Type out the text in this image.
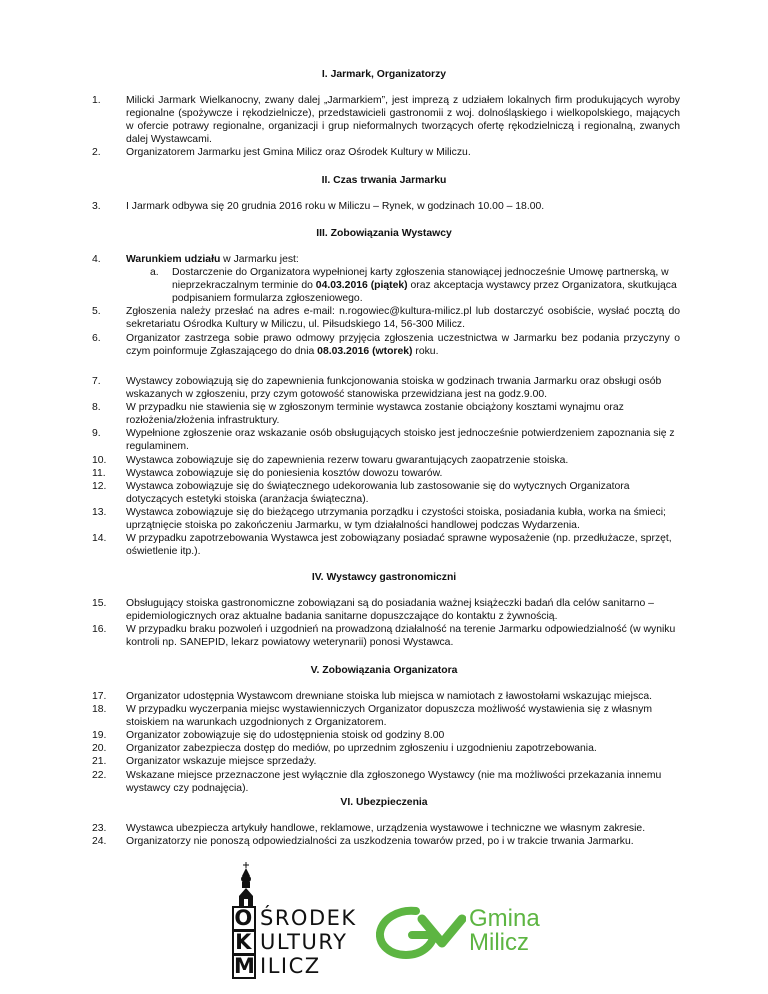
I. Jarmark, Organizatorzy
1. Milicki Jarmark Wielkanocny, zwany dalej „Jarmarkiem”, jest imprezą z udziałem lokalnych firm produkujących wyroby regionalne (spożywcze i rękodzielnicze), przedstawicieli gastronomii z woj. dolnośląskiego i wielkopolskiego, mających w ofercie potrawy regionalne, organizacji i grup nieformalnych tworzących ofertę rękodzielniczą i regionalną, zwanych dalej Wystawcami.
2. Organizatorem Jarmarku jest Gmina Milicz oraz Ośrodek Kultury w Miliczu.
II. Czas trwania Jarmarku
3. I Jarmark odbywa się 20 grudnia 2016 roku w Miliczu – Rynek, w godzinach 10.00 – 18.00.
III. Zobowiązania Wystawcy
4. Warunkiem udziału w Jarmarku jest:
a. Dostarczenie do Organizatora wypełnionej karty zgłoszenia stanowiącej jednocześnie Umowę partnerską, w nieprzekraczalnym terminie do 04.03.2016 (piątek) oraz akceptacja wystawcy przez Organizatora, skutkująca podpisaniem formularza zgłoszeniowego.
5. Zgłoszenia należy przesłać na adres e-mail: n.rogowiec@kultura-milicz.pl lub dostarczyć osobiście, wysłać pocztą do sekretariatu Ośrodka Kultury w Miliczu, ul. Piłsudskiego 14, 56-300 Milicz.
6. Organizator zastrzega sobie prawo odmowy przyjęcia zgłoszenia uczestnictwa w Jarmarku bez podania przyczyny o czym poinformuje Zgłaszającego do dnia 08.03.2016 (wtorek) roku.
7. Wystawcy zobowiązują się do zapewnienia funkcjonowania stoiska w godzinach trwania Jarmarku oraz obsługi osób wskazanych w zgłoszeniu, przy czym gotowość stanowiska przewidziana jest na godz.9.00.
8. W przypadku nie stawienia się w zgłoszonym terminie wystawca zostanie obciążony kosztami wynajmu oraz rozłożenia/złożenia infrastruktury.
9. Wypełnione zgłoszenie oraz wskazanie osób obsługujących stoisko jest jednocześnie potwierdzeniem zapoznania się z regulaminem.
10. Wystawca zobowiązuje się do zapewnienia rezerw towaru gwarantujących zaopatrzenie stoiska.
11. Wystawca zobowiązuje się do poniesienia kosztów dowozu towarów.
12. Wystawca zobowiązuje się do świątecznego udekorowania lub zastosowanie się do wytycznych Organizatora dotyczących estetyki stoiska (aranżacja świąteczna).
13. Wystawca zobowiązuje się do bieżącego utrzymania porządku i czystości stoiska, posiadania kubła, worka na śmieci; uprzątnięcie stoiska po zakończeniu Jarmarku, w tym działalności handlowej podczas Wydarzenia.
14. W przypadku zapotrzebowania Wystawca jest zobowiązany posiadać sprawne wyposażenie (np. przedłużacze, sprzęt, oświetlenie itp.).
IV. Wystawcy gastronomiczni
15. Obsługujący stoiska gastronomiczne zobowiązani są do posiadania ważnej książeczki badań dla celów sanitarno – epidemiologicznych oraz aktualne badania sanitarne dopuszczające do kontaktu z żywnością.
16. W przypadku braku pozwoleń i uzgodnień na prowadzoną działalność na terenie Jarmarku odpowiedzialność (w wyniku kontroli np. SANEPID, lekarz powiatowy weterynarii) ponosi Wystawca.
V. Zobowiązania Organizatora
17. Organizator udostępnia Wystawcom drewniane stoiska lub miejsca w namiotach z ławostołami wskazując miejsca.
18. W przypadku wyczerpania miejsc wystawienniczych Organizator dopuszcza możliwość wystawienia się z własnym stoiskiem na warunkach uzgodnionych z Organizatorem.
19. Organizator zobowiązuje się do udostępnienia stoisk od godziny 8.00
20. Organizator zabezpiecza dostęp do mediów, po uprzednim zgłoszeniu i uzgodnieniu zapotrzebowania.
21. Organizator wskazuje miejsce sprzedaży.
22. Wskazane miejsce przeznaczone jest wyłącznie dla zgłoszonego Wystawcy (nie ma możliwości przekazania innemu wystawcy czy podnajęcia).
VI. Ubezpieczenia
23. Wystawca ubezpiecza artykuły handlowe, reklamowe, urządzenia wystawowe i techniczne we własnym zakresie.
24. Organizatorzy nie ponoszą odpowiedzialności za uszkodzenia towarów przed, po i w trakcie trwania Jarmarku.
O ŚRODEK
K ULTURY
M ILICZ
Gmina
Milicz
